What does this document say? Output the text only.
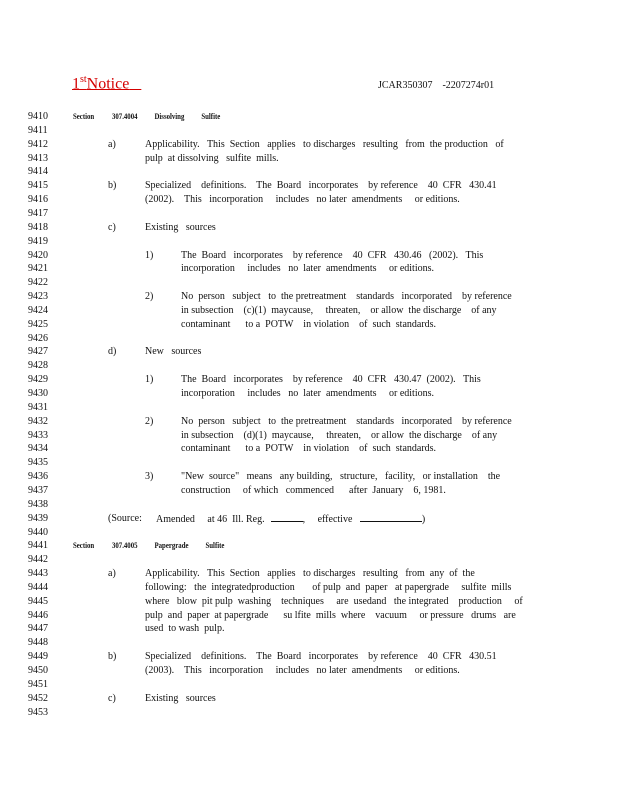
1stNotice	JCAR350307    -2207274r01
9410	Section 307.4004          Dissolving          Sulfite
9411
9412	a)	Applicability.   This  Section   applies   to discharges   resulting   from  the production   of
9413	pulp  at dissolving   sulfite  mills.
9414
9415	b)	Specialized    definitions.    The  Board   incorporates    by reference    40  CFR   430.41
9416	(2002).    This   incorporation     includes   no later  amendments     or editions.
9417
9418	c)	Existing   sources
9419
9420	1)	The  Board   incorporates    by reference    40  CFR   430.46   (2002).   This
9421	incorporation     includes   no  later  amendments     or editions.
9422
9423	2)	No  person   subject   to  the pretreatment    standards   incorporated    by reference
9424	in subsection    (c)(1)  maycause,     threaten,    or allow  the discharge    of any
9425	contaminant      to a  POTW    in violation    of  such  standards.
9426
9427	d)	New   sources
9428
9429	1)	The  Board   incorporates    by reference    40  CFR   430.47  (2002).   This
9430	incorporation     includes   no  later  amendments     or editions.
9431
9432	2)	No  person   subject   to  the pretreatment    standards   incorporated    by reference
9433	in subsection    (d)(1)  maycause,     threaten,    or allow  the discharge    of any
9434	contaminant      to a  POTW    in violation    of  such  standards.
9435
9436	3)	"New  source"   means   any building,   structure,   facility,   or installation    the
9437	construction     of which   commenced      after  January    6, 1981.
9438
9439	(Source: Amended     at 46  Ill. Reg.	,     effective	)
9440
9441	Section 307.4005          Papergrade          Sulfite
9442
9443	a)	Applicability.   This  Section   applies   to discharges   resulting   from  any  of  the
9444	following:   the  integratedproduction       of pulp  and  paper   at papergrade     sulfite  mills
9445	where   blow  pit pulp  washing    techniques     are  usedand   the integrated    production     of
9446	pulp  and  paper  at papergrade      su lfite  mills  where    vacuum     or pressure   drums   are
9447	used  to wash  pulp.
9448
9449	b)	Specialized    definitions.    The  Board   incorporates    by reference    40  CFR   430.51
9450	(2003).    This   incorporation     includes   no later  amendments     or editions.
9451
9452	c)	Existing   sources
9453
